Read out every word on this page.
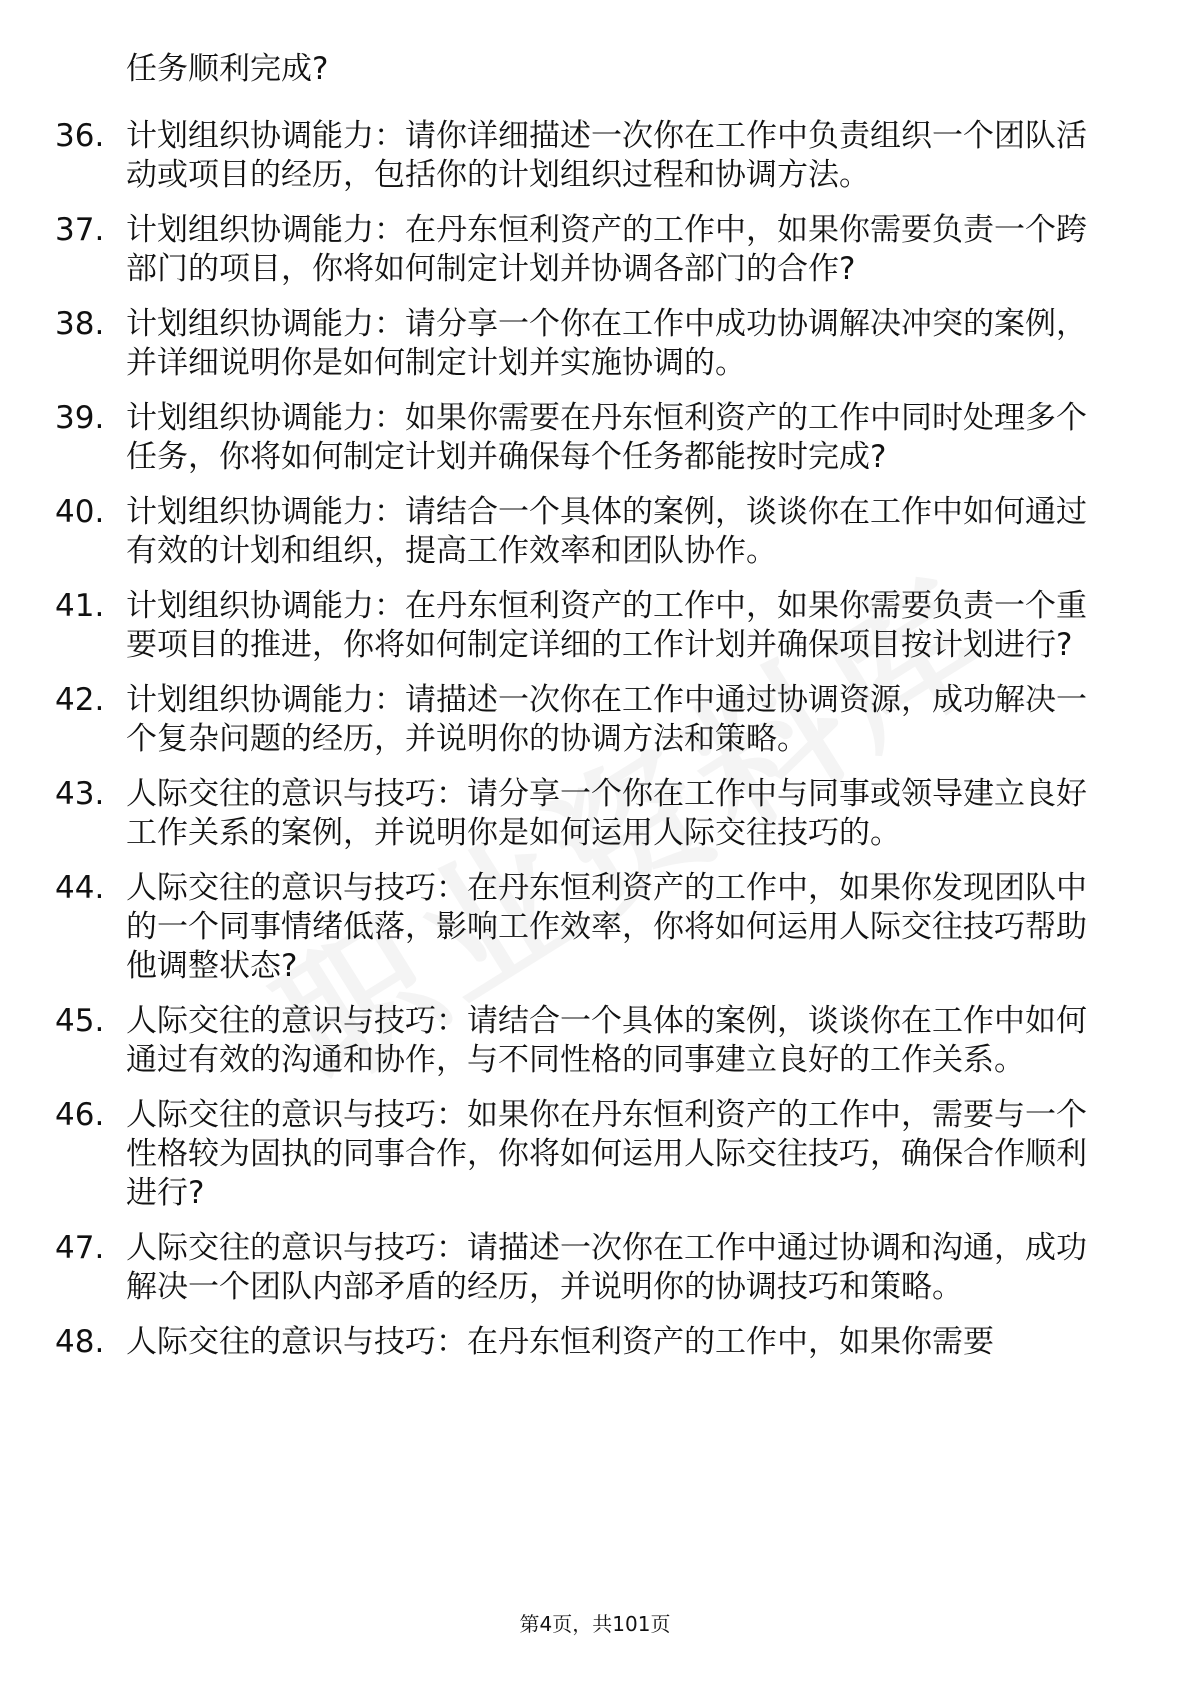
任务顺利完成?
36. 计划组织协调能力：请你详细描述一次你在工作中负责组织一个团队活动或项目的经历，包括你的计划组织过程和协调方法。
37. 计划组织协调能力：在丹东恒利资产的工作中，如果你需要负责一个跨部门的项目，你将如何制定计划并协调各部门的合作?
38. 计划组织协调能力：请分享一个你在工作中成功协调解决冲突的案例，并详细说明你是如何制定计划并实施协调的。
39. 计划组织协调能力：如果你需要在丹东恒利资产的工作中同时处理多个任务，你将如何制定计划并确保每个任务都能按时完成?
40. 计划组织协调能力：请结合一个具体的案例，谈谈你在工作中如何通过有效的计划和组织，提高工作效率和团队协作。
41. 计划组织协调能力：在丹东恒利资产的工作中，如果你需要负责一个重要项目的推进，你将如何制定详细的工作计划并确保项目按计划进行?
42. 计划组织协调能力：请描述一次你在工作中通过协调资源，成功解决一个复杂问题的经历，并说明你的协调方法和策略。
43. 人际交往的意识与技巧：请分享一个你在工作中与同事或领导建立良好工作关系的案例，并说明你是如何运用人际交往技巧的。
44. 人际交往的意识与技巧：在丹东恒利资产的工作中，如果你发现团队中的一个同事情绪低落，影响工作效率，你将如何运用人际交往技巧帮助他调整状态?
45. 人际交往的意识与技巧：请结合一个具体的案例，谈谈你在工作中如何通过有效的沟通和协作，与不同性格的同事建立良好的工作关系。
46. 人际交往的意识与技巧：如果你在丹东恒利资产的工作中，需要与一个性格较为固执的同事合作，你将如何运用人际交往技巧，确保合作顺利进行?
47. 人际交往的意识与技巧：请描述一次你在工作中通过协调和沟通，成功解决一个团队内部矛盾的经历，并说明你的协调技巧和策略。
48. 人际交往的意识与技巧：在丹东恒利资产的工作中，如果你需要
第4页，共101页
